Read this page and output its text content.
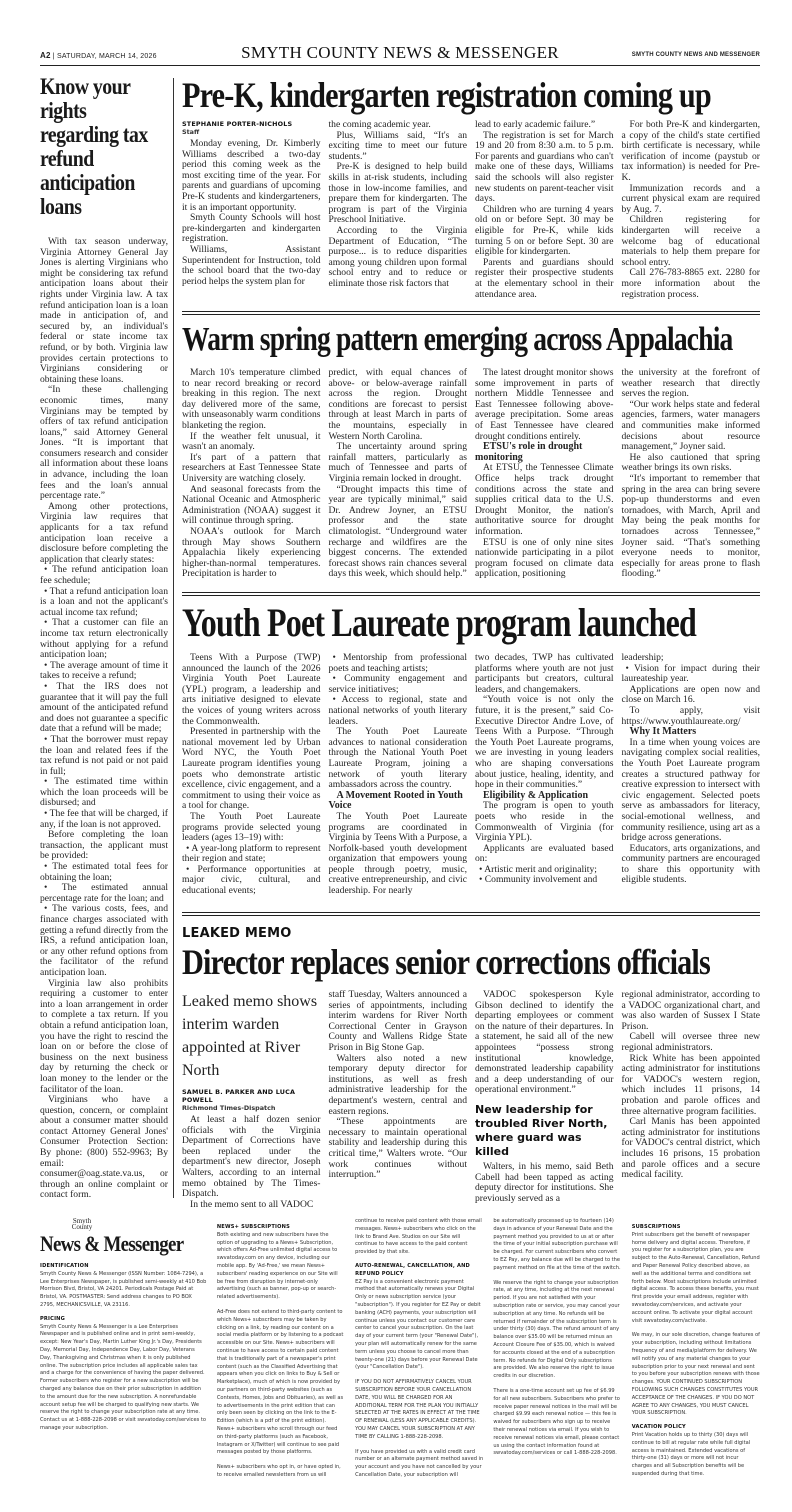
A2 | SATURDAY, MARCH 14, 2026	SMYTH COUNTY NEWS & MESSENGER	SMYTH COUNTY NEWS AND MESSENGER
Know your rights regarding tax refund anticipation loans

With tax season underway, Virginia Attorney General Jay Jones is alerting Virginians who might be considering tax refund anticipation loans about their rights under Virginia law. A tax refund anticipation loan is a loan made in anticipation of, and secured by, an individual's federal or state income tax refund, or by both. Virginia law provides certain protections to Virginians considering or obtaining these loans.

“In these challenging economic times, many Virginians may be tempted by offers of tax refund anticipation loans,” said Attorney General Jones. “It is important that consumers research and consider all information about these loans in advance, including the loan fees and the loan's annual percentage rate.”

Among other protections, Virginia law requires that applicants for a tax refund anticipation loan receive a disclosure before completing the application that clearly states:

• The refund anticipation loan fee schedule;

• That a refund anticipation loan is a loan and not the applicant's actual income tax refund;

• That a customer can file an income tax return electronically without applying for a refund anticipation loan;

• The average amount of time it takes to receive a refund;

• That the IRS does not guarantee that it will pay the full amount of the anticipated refund and does not guarantee a specific date that a refund will be made;

• That the borrower must repay the loan and related fees if the tax refund is not paid or not paid in full;

• The estimated time within which the loan proceeds will be disbursed; and

• The fee that will be charged, if any, if the loan is not approved.

Before completing the loan transaction, the applicant must be provided:

• The estimated total fees for obtaining the loan;

• The estimated annual percentage rate for the loan; and

• The various costs, fees, and finance charges associated with getting a refund directly from the IRS, a refund anticipation loan, or any other refund options from the facilitator of the refund anticipation loan.

Virginia law also prohibits requiring a customer to enter into a loan arrangement in order to complete a tax return. If you obtain a refund anticipation loan, you have the right to rescind the loan on or before the close of business on the next business day by returning the check or loan money to the lender or the facilitator of the loan.

Virginians who have a question, concern, or complaint about a consumer matter should contact Attorney General Jones' Consumer Protection Section: By phone: (800) 552-9963; By email: consumer@oag.state.va.us, or through an online complaint or contact form.

Pre-K, kindergarten registration coming up
STEPHANIE PORTER-NICHOLS
Staff

Monday evening, Dr. Kimberly Williams described a two-day period this coming week as the most exciting time of the year. For parents and guardians of upcoming Pre-K students and kindergarteners, it is an important opportunity.

Smyth County Schools will host pre-kindergarten and kindergarten registration.

Williams, Assistant Superintendent for Instruction, told the school board that the two-day period helps the system plan for

the coming academic year.

Plus, Williams said, “It's an exciting time to meet our future students.”

Pre-K is designed to help build skills in at-risk students, including those in low-income families, and prepare them for kindergarten. The program is part of the Virginia Preschool Initiative.

According to the Virginia Department of Education, “The purpose... is to reduce disparities among young children upon formal school entry and to reduce or eliminate those risk factors that

lead to early academic failure.”

The registration is set for March 19 and 20 from 8:30 a.m. to 5 p.m. For parents and guardians who can't make one of these days, Williams said the schools will also register new students on parent-teacher visit days.

Children who are turning 4 years old on or before Sept. 30 may be eligible for Pre-K, while kids turning 5 on or before Sept. 30 are eligible for kindergarten.

Parents and guardians should register their prospective students at the elementary school in their attendance area.

For both Pre-K and kindergarten, a copy of the child's state certified birth certificate is necessary, while verification of income (paystub or tax information) is needed for Pre-K.

Immunization records and a current physical exam are required by Aug. 7.

Children registering for kindergarten will receive a welcome bag of educational materials to help them prepare for school entry.

Call 276-783-8865 ext. 2280 for more information about the registration process.

Warm spring pattern emerging across Appalachia

March 10's temperature climbed to near record breaking or record breaking in this region. The next day delivered more of the same, with unseasonably warm conditions blanketing the region.

If the weather felt unusual, it wasn't an anomaly.

It's part of a pattern that researchers at East Tennessee State University are watching closely.

And seasonal forecasts from the National Oceanic and Atmospheric Administration (NOAA) suggest it will continue through spring.

NOAA's outlook for March through May shows Southern Appalachia likely experiencing higher-than-normal temperatures. Precipitation is harder to

predict, with equal chances of above- or below-average rainfall across the region. Drought conditions are forecast to persist through at least March in parts of the mountains, especially in Western North Carolina.

The uncertainty around spring rainfall matters, particularly as much of Tennessee and parts of Virginia remain locked in drought.

“Drought impacts this time of year are typically minimal,” said Dr. Andrew Joyner, an ETSU professor and the state climatologist. “Underground water recharge and wildfires are the biggest concerns. The extended forecast shows rain chances several days this week, which should help.”

The latest drought monitor shows some improvement in parts of northern Middle Tennessee and East Tennessee following above-average precipitation. Some areas of East Tennessee have cleared drought conditions entirely.

ETSU's role in drought monitoring

At ETSU, the Tennessee Climate Office helps track drought conditions across the state and supplies critical data to the U.S. Drought Monitor, the nation's authoritative source for drought information.

ETSU is one of only nine sites nationwide participating in a pilot program focused on climate data application, positioning

the university at the forefront of weather research that directly serves the region.

“Our work helps state and federal agencies, farmers, water managers and communities make informed decisions about resource management,” Joyner said.

He also cautioned that spring weather brings its own risks.

“It's important to remember that spring in the area can bring severe pop-up thunderstorms and even tornadoes, with March, April and May being the peak months for tornadoes across Tennessee,” Joyner said. “That's something everyone needs to monitor, especially for areas prone to flash flooding.”

Youth Poet Laureate program launched

Teens With a Purpose (TWP) announced the launch of the 2026 Virginia Youth Poet Laureate (YPL) program, a leadership and arts initiative designed to elevate the voices of young writers across the Commonwealth.

Presented in partnership with the national movement led by Urban Word NYC, the Youth Poet Laureate program identifies young poets who demonstrate artistic excellence, civic engagement, and a commitment to using their voice as a tool for change.

The Youth Poet Laureate programs provide selected young leaders (ages 13–19) with:

• A year-long platform to represent their region and state;

• Performance opportunities at major civic, cultural, and educational events;

• Mentorship from professional poets and teaching artists;

• Community engagement and service initiatives;

• Access to regional, state and national networks of youth literary leaders.

The Youth Poet Laureate advances to national consideration through the National Youth Poet Laureate Program, joining a network of youth literary ambassadors across the country.

A Movement Rooted in Youth Voice

The Youth Poet Laureate programs are coordinated in Virginia by Teens With a Purpose, a Norfolk-based youth development organization that empowers young people through poetry, music, creative entrepreneurship, and civic leadership. For nearly

two decades, TWP has cultivated platforms where youth are not just participants but creators, cultural leaders, and changemakers.

“Youth voice is not only the future, it is the present,” said Co-Executive Director Andre Love, of Teens With a Purpose. “Through the Youth Poet Laureate programs, we are investing in young leaders who are shaping conversations about justice, healing, identity, and hope in their communities.”

Eligibility & Application

The program is open to youth poets who reside in the Commonwealth of Virginia (for Virginia YPL).

Applicants are evaluated based on:

• Artistic merit and originality;

• Community involvement and

leadership;

• Vision for impact during their laureateship year.

Applications are open now and close on March 16.

To apply, visit https://www.youthlaureate.org/

Why It Matters

In a time when young voices are navigating complex social realities, the Youth Poet Laureate program creates a structured pathway for creative expression to intersect with civic engagement. Selected poets serve as ambassadors for literacy, social-emotional wellness, and community resilience, using art as a bridge across generations.

Educators, arts organizations, and community partners are encouraged to share this opportunity with eligible students.

LEAKED MEMO
Director replaces senior corrections officials
Leaked memo shows interim warden appointed at River North
SAMUEL B. PARKER AND LUCA POWELL
Richmond Times-Dispatch

At least a half dozen senior officials with the Virginia Department of Corrections have been replaced under the department's new director, Joseph Walters, according to an internal memo obtained by The Times-Dispatch.

In the memo sent to all VADOC

staff Tuesday, Walters announced a series of appointments, including interim wardens for River North Correctional Center in Grayson County and Wallens Ridge State Prison in Big Stone Gap.

Walters also noted a new temporary deputy director for institutions, as well as fresh administrative leadership for the department's western, central and eastern regions.

“These appointments are necessary to maintain operational stability and leadership during this critical time,” Walters wrote. “Our work continues without interruption.”

VADOC spokesperson Kyle Gibson declined to identify the departing employees or comment on the nature of their departures. In a statement, he said all of the new appointees “possess strong institutional knowledge, demonstrated leadership capability and a deep understanding of our operational environment.”

New leadership for troubled River North, where guard was killed

Walters, in his memo, said Beth Cabell had been tapped as acting deputy director for institutions. She previously served as a

regional administrator, according to a VADOC organizational chart, and was also warden of Sussex I State Prison.

Cabell will oversee three new regional administrators.

Rick White has been appointed acting administrator for institutions for VADOC's western region, which includes 11 prisons, 14 probation and parole offices and three alternative program facilities.

Carl Manis has been appointed acting administrator for institutions for VADOC's central district, which includes 16 prisons, 15 probation and parole offices and a secure medical facility.

Smyth County
News & Messenger
IDENTIFICATION

Smyth County News & Messenger (ISSN Number: 1084-7294), a Lee Enterprises Newspaper, is published semi-weekly at 410 Bob Morrison Blvd, Bristol, VA 24201. Periodicals Postage Paid at Bristol, VA. POSTMASTER: Send address changes to PO BOX 2795, MECHANICSVILLE, VA 23116.

PRICING

Smyth County News & Messenger is a Lee Enterprises Newspaper and is published online and in print semi-weekly, except: New Year's Day, Martin Luther King Jr.'s Day, Presidents Day, Memorial Day, Independence Day, Labor Day, Veterans Day, Thanksgiving and Christmas when it is only published online. The subscription price includes all applicable sales tax and a charge for the convenience of having the paper delivered. Former subscribers who register for a new subscription will be charged any balance due on their prior subscription in addition to the amount due for the new subscription. A nonrefundable account setup fee will be charged to qualifying new starts. We reserve the right to change your subscription rate at any time. Contact us at 1-888-228-2098 or visit swvatoday.com/services to manage your subscription.

NEWS+ SUBSCRIPTIONS

Both existing and new subscribers have the option of upgrading to a News+ Subscription, which offers Ad-Free unlimited digital access to swvatoday.com on any device, including our mobile app. By 'Ad-Free,' we mean News+ subscribers' reading experience on our Site will be free from disruption by internet-only advertising (such as banner, pop-up or search-related advertisements).

Ad-Free does not extend to third-party content to which News+ subscribers may be taken by clicking on a link, by reading our content on a social media platform or by listening to a podcast accessible on our Site. News+ subscribers will continue to have access to certain paid content that is traditionally part of a newspaper's print content (such as the Classified Advertising that appears when you click on links to Buy & Sell or Marketplace), much of which is now provided by our partners on third-party websites (such as Contests, Homes, Jobs and Obituaries), as well as to advertisements in the print edition that can only been seen by clicking on the link to the E-Edition (which is a pdf of the print edition). News+ subscribers who scroll through our feed on third-party platforms (such as Facebook, Instagram or X/Twitter) will continue to see paid messages posted by those platforms.

News+ subscribers who opt in, or have opted in, to receive emailed newsletters from us will

continue to receive paid content with those email messages. News+ subscribers who click on the link to Brand Ave. Studios on our Site will continue to have access to the paid content provided by that site.

AUTO-RENEWAL, CANCELLATION, AND REFUND POLICY

EZ Pay is a convenient electronic payment method that automatically renews your Digital Only or news subscription service (your "subscription"). If you register for EZ Pay or debit banking (ACH) payments, your subscription will continue unless you contact our customer care center to cancel your subscription. On the last day of your current term (your "Renewal Date"), your plan will automatically renew for the same term unless you choose to cancel more than twenty-one (21) days before your Renewal Date (your "Cancellation Date").

IF YOU DO NOT AFFIRMATIVELY CANCEL YOUR SUBSCRIPTION BEFORE YOUR CANCELLATION DATE, YOU WILL BE CHARGED FOR AN ADDITIONAL TERM FOR THE PLAN YOU INITIALLY SELECTED AT THE RATES IN EFFECT AT THE TIME OF RENEWAL (LESS ANY APPLICABLE CREDITS). YOU MAY CANCEL YOUR SUBSCRIPTION AT ANY TIME BY CALLING 1-888-228-2098.

If you have provided us with a valid credit card number or an alternate payment method saved in your account and you have not cancelled by your Cancellation Date, your subscription will

be automatically processed up to fourteen (14) days in advance of your Renewal Date and the payment method you provided to us at or after the time of your initial subscription purchase will be charged. For current subscribers who convert to EZ Pay, any balance due will be charged to the payment method on file at the time of the switch.

We reserve the right to change your subscription rate, at any time, including at the next renewal period. If you are not satisfied with your subscription rate or service, you may cancel your subscription at any time. No refunds will be returned if remainder of the subscription term is under thirty (30) days. The refund amount of any balance over $35.00 will be returned minus an Account Closure Fee of $35.00, which is waived for accounts closed at the end of a subscription term. No refunds for Digital Only subscriptions are provided. We also reserve the right to issue credits in our discretion.

There is a one-time account set up fee of $6.99 for all new subscribers. Subscribers who prefer to receive paper renewal notices in the mail will be charged $9.99 each renewal notice — this fee is waived for subscribers who sign up to receive their renewal notices via email. If you wish to receive renewal notices via email, please contact us using the contact information found at swvatoday.com/services or call 1-888-228-2098.

SUBSCRIPTIONS

Print subscribers get the benefit of newspaper home delivery and digital access. Therefore, if you register for a subscription plan, you are subject to the Auto-Renewal, Cancellation, Refund and Paper Renewal Policy described above, as well as the additional terms and conditions set forth below. Most subscriptions include unlimited digital access. To access these benefits, you must first provide your email address, register with swvatoday.com/services, and activate your account online. To activate your digital account visit swvatoday.com/activate.

We may, in our sole discretion, change features of your subscription, including without limitations frequency of and media/platform for delivery. We will notify you of any material changes to your subscription prior to your next renewal and sent to you before your subscription renews with those changes. YOUR CONTINUED SUBSCRIPTION FOLLOWING SUCH CHANGES CONSTITUTES YOUR ACCEPTANCE OF THE CHANGES. IF YOU DO NOT AGREE TO ANY CHANGES, YOU MUST CANCEL YOUR SUBSCRIPTION.

VACATION POLICY

Print Vacation holds up to thirty (30) days will continue to bill at regular rate while full digital access is maintained. Extended vacations of thirty-one (31) days or more will not incur charges and all Subscription benefits will be suspended during that time.
